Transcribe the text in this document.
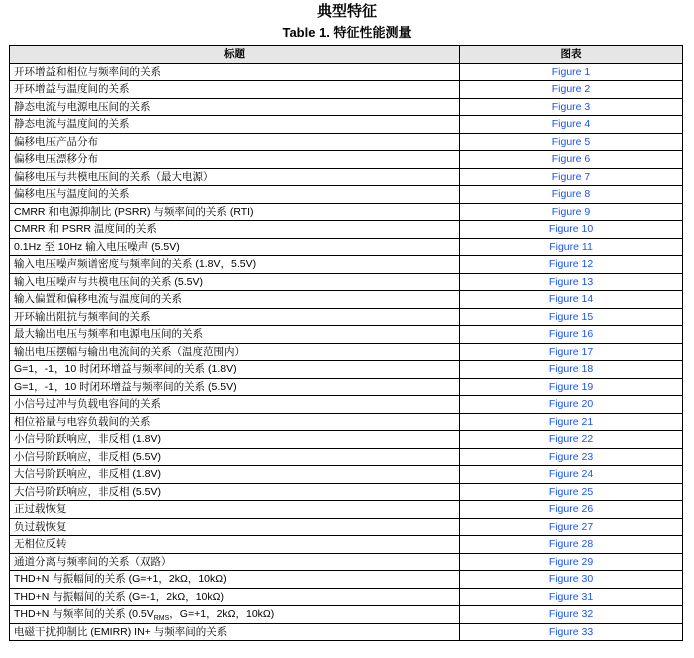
典型特征
Table 1. 特征性能测量
标题	图表
开环增益和相位与频率间的关系	Figure 1
开环增益与温度间的关系	Figure 2
静态电流与电源电压间的关系	Figure 3
静态电流与温度间的关系	Figure 4
偏移电压产品分布	Figure 5
偏移电压漂移分布	Figure 6
偏移电压与共模电压间的关系（最大电源）	Figure 7
偏移电压与温度间的关系	Figure 8
CMRR 和电源抑制比 (PSRR) 与频率间的关系 (RTI)	Figure 9
CMRR 和 PSRR 温度间的关系	Figure 10
0.1Hz 至 10Hz 输入电压噪声 (5.5V)	Figure 11
输入电压噪声频谱密度与频率间的关系 (1.8V，5.5V)	Figure 12
输入电压噪声与共模电压间的关系 (5.5V)	Figure 13
输入偏置和偏移电流与温度间的关系	Figure 14
开环输出阻抗与频率间的关系	Figure 15
最大输出电压与频率和电源电压间的关系	Figure 16
输出电压摆幅与输出电流间的关系（温度范围内）	Figure 17
G=1，-1，10 时闭环增益与频率间的关系 (1.8V)	Figure 18
G=1，-1，10 时闭环增益与频率间的关系 (5.5V)	Figure 19
小信号过冲与负载电容间的关系	Figure 20
相位裕量与电容负载间的关系	Figure 21
小信号阶跃响应，非反相 (1.8V)	Figure 22
小信号阶跃响应，非反相 (5.5V)	Figure 23
大信号阶跃响应，非反相 (1.8V)	Figure 24
大信号阶跃响应，非反相 (5.5V)	Figure 25
正过载恢复	Figure 26
负过载恢复	Figure 27
无相位反转	Figure 28
通道分离与频率间的关系（双路）	Figure 29
THD+N 与振幅间的关系 (G=+1，2kΩ，10kΩ)	Figure 30
THD+N 与振幅间的关系 (G=-1，2kΩ，10kΩ)	Figure 31
THD+N 与频率间的关系 ($0.5V_{RMS}$，G=+1，2kΩ，10kΩ)	Figure 32
电磁干扰抑制比 (EMIRR) IN+ 与频率间的关系	Figure 33
